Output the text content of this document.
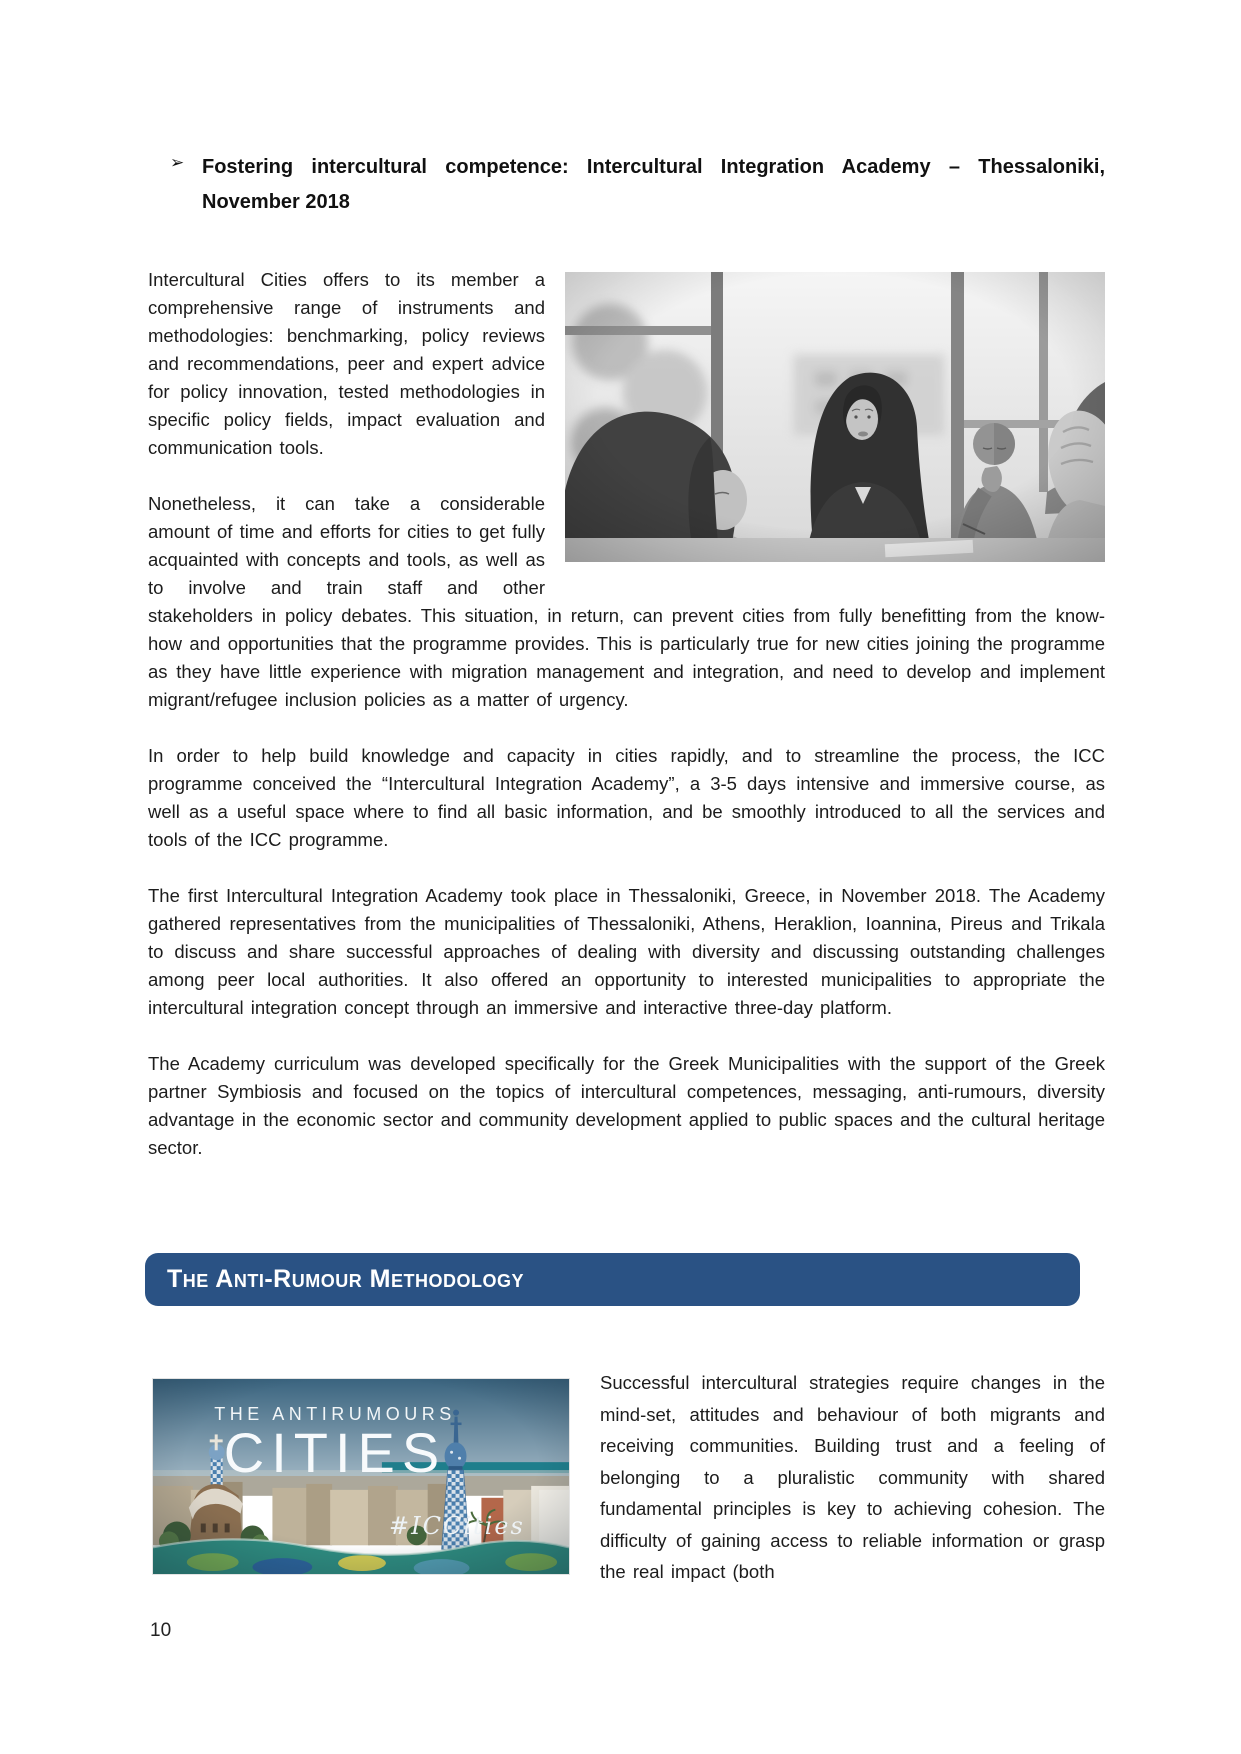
➢ Fostering intercultural competence: Intercultural Integration Academy – Thessaloniki, November 2018

Intercultural Cities offers to its member a comprehensive range of instruments and methodologies: benchmarking, policy reviews and recommendations, peer and expert advice for policy innovation, tested methodologies in specific policy fields, impact evaluation and communication tools.

Nonetheless, it can take a considerable amount of time and efforts for cities to get fully acquainted with concepts and tools, as well as to involve and train staff and other stakeholders in policy debates. This situation, in return, can prevent cities from fully benefitting from the know-how and opportunities that the programme provides. This is particularly true for new cities joining the programme as they have little experience with migration management and integration, and need to develop and implement migrant/refugee inclusion policies as a matter of urgency.

In order to help build knowledge and capacity in cities rapidly, and to streamline the process, the ICC programme conceived the “Intercultural Integration Academy”, a 3-5 days intensive and immersive course, as well as a useful space where to find all basic information, and be smoothly introduced to all the services and tools of the ICC programme.

The first Intercultural Integration Academy took place in Thessaloniki, Greece, in November 2018. The Academy gathered representatives from the municipalities of Thessaloniki, Athens, Heraklion, Ioannina, Pireus and Trikala to discuss and share successful approaches of dealing with diversity and discussing outstanding challenges among peer local authorities. It also offered an opportunity to interested municipalities to appropriate the intercultural integration concept through an immersive and interactive three-day platform.

The Academy curriculum was developed specifically for the Greek Municipalities with the support of the Greek partner Symbiosis and focused on the topics of intercultural competences, messaging, anti-rumours, diversity advantage in the economic sector and community development applied to public spaces and the cultural heritage sector.

The Anti-Rumour Methodology
THE ANTIRUMOURS
CITIES
#ICCities

Successful intercultural strategies require changes in the mind-set, attitudes and behaviour of both migrants and receiving communities. Building trust and a feeling of belonging to a pluralistic community with shared fundamental principles is key to achieving cohesion. The difficulty of gaining access to reliable information or grasp the real impact (both

10
